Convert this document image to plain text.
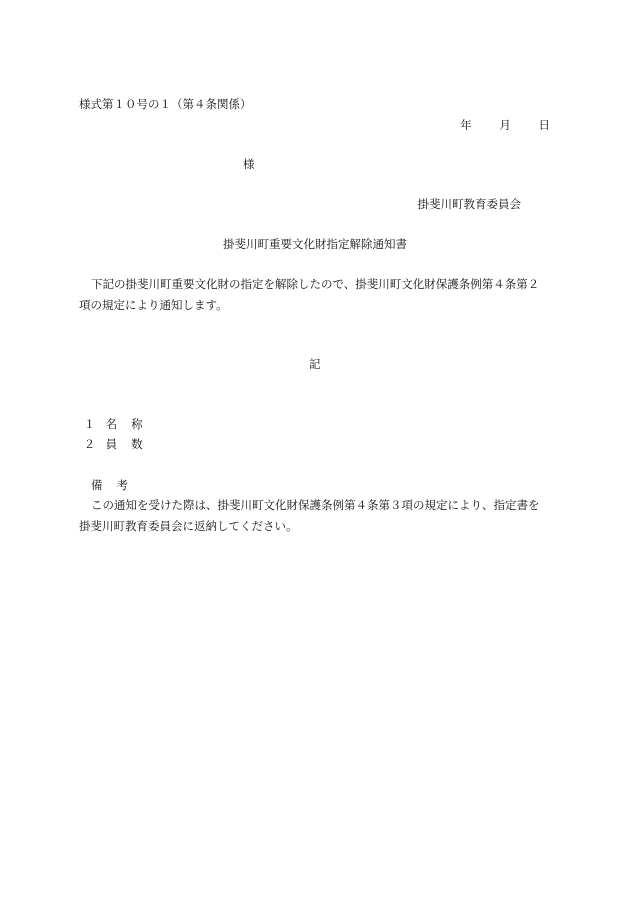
様式第１０号の１（第４条関係）
年 月 日
様
掛斐川町教育委員会
掛斐川町重要文化財指定解除通知書
下記の掛斐川町重要文化財の指定を解除したので、掛斐川町文化財保護条例第４条第２
項の規定により通知します。
記
１ 名称
２ 員数
備考
この通知を受けた際は、掛斐川町文化財保護条例第４条第３項の規定により、指定書を
掛斐川町教育委員会に返納してください。
